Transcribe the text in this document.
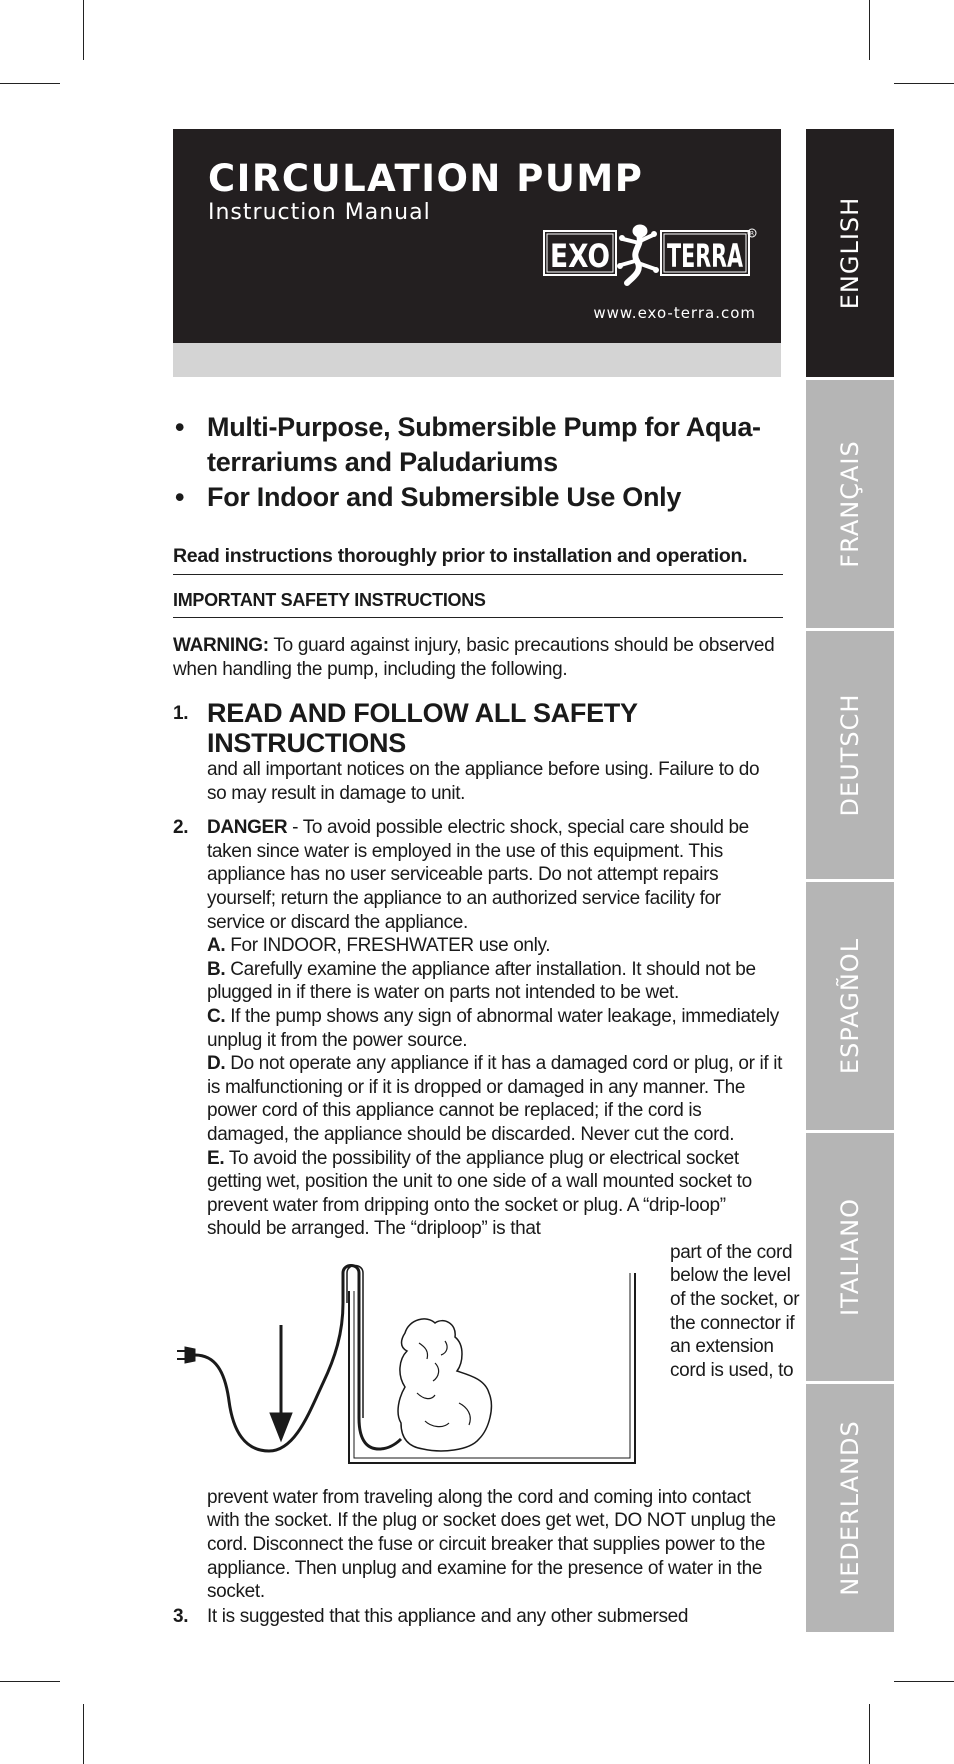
CIRCULATION PUMP
Instruction Manual
EXO TERRA
R
www.exo-terra.com
ENGLISH
FRANÇAIS
DEUTSCH
ESPAGÑOL
ITALIANO
NEDERLANDS
• Multi-Purpose, Submersible Pump for Aqua-terrariums and Paludariums
• For Indoor and Submersible Use Only
Read instructions thoroughly prior to installation and operation.
IMPORTANT SAFETY INSTRUCTIONS
WARNING: To guard against injury, basic precautions should be observed when handling the pump, including the following.
1. READ AND FOLLOW ALL SAFETY INSTRUCTIONS
and all important notices on the appliance before using. Failure to do so may result in damage to unit.
2. DANGER - To avoid possible electric shock, special care should be taken since water is employed in the use of this equipment. This appliance has no user serviceable parts. Do not attempt repairs yourself; return the appliance to an authorized service facility for service or discard the appliance.
A. For INDOOR, FRESHWATER use only.
B. Carefully examine the appliance after installation. It should not be plugged in if there is water on parts not intended to be wet.
C. If the pump shows any sign of abnormal water leakage, immediately unplug it from the power source.
D. Do not operate any appliance if it has a damaged cord or plug, or if it is malfunctioning or if it is dropped or damaged in any manner. The power cord of this appliance cannot be replaced; if the cord is damaged, the appliance should be discarded. Never cut the cord.
E. To avoid the possibility of the appliance plug or electrical socket getting wet, position the unit to one side of a wall mounted socket to prevent water from dripping onto the socket or plug. A “drip-loop” should be arranged. The “driploop” is that
part of the cord below the level of the socket, or the connector if an extension cord is used, to
prevent water from traveling along the cord and coming into contact with the socket. If the plug or socket does get wet, DO NOT unplug the cord. Disconnect the fuse or circuit breaker that supplies power to the appliance. Then unplug and examine for the presence of water in the socket.
3. It is suggested that this appliance and any other submersed
